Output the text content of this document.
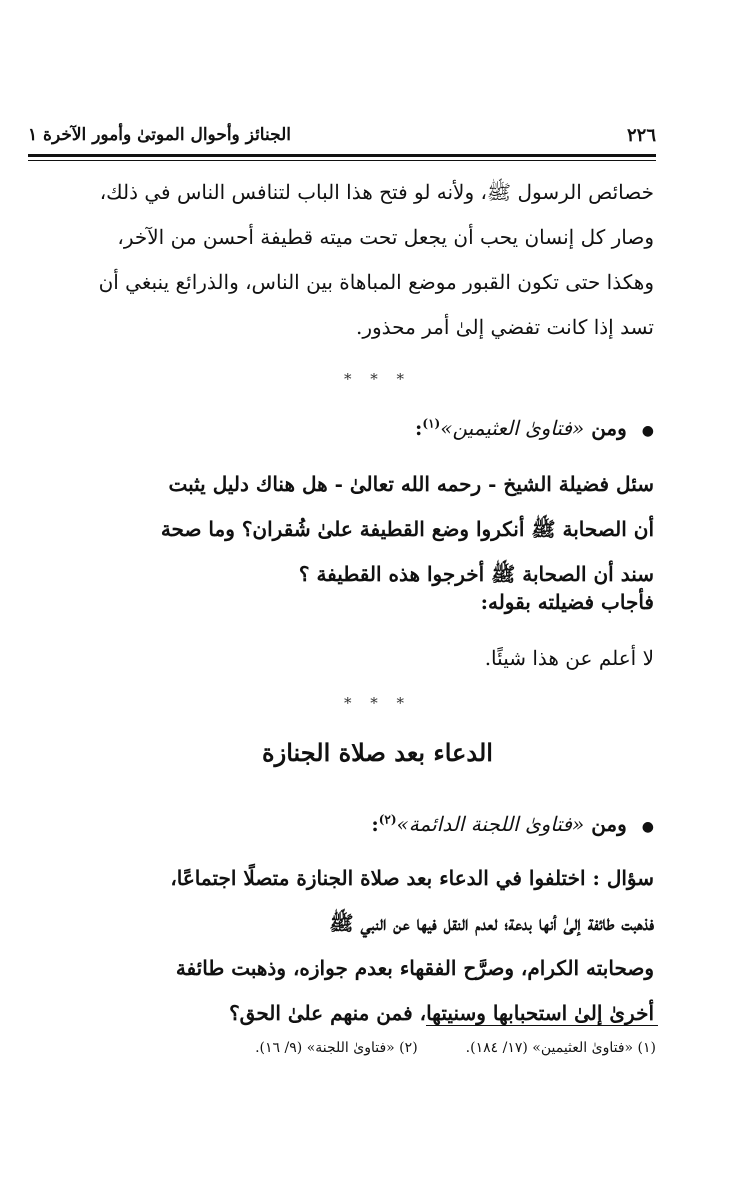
الجنائز وأحوال الموتىٰ وأمور الآخرة ١	٢٢٦
خصائص الرسول ﷺ، ولأنه لو فتح هذا الباب لتنافس الناس في ذلك،
وصار كل إنسان يحب أن يجعل تحت ميته قطيفة أحسن من الآخر،
وهكذا حتى تكون القبور موضع المباهاة بين الناس، والذرائع ينبغي أن
تسد إذا كانت تفضي إلىٰ أمر محذور.
* * *
● ومن «فتاوىٰ العثيمين»$^{(١)}$:
سئل فضيلة الشيخ - رحمه الله تعالىٰ - هل هناك دليل يثبت
أن الصحابة ﷺ أنكروا وضع القطيفة علىٰ شُقران؟ وما صحة
سند أن الصحابة ﷺ أخرجوا هذه القطيفة ؟
فأجاب فضيلته بقوله:
لا أعلم عن هذا شيئًا.
* * *
الدعاء بعد صلاة الجنازة
● ومن «فتاوىٰ اللجنة الدائمة»$^{(٢)}$:
سؤال : اختلفوا في الدعاء بعد صلاة الجنازة متصلًا اجتماعًا،
فذهبت طائفة إلىٰ أنها بدعة؛ لعدم النقل فيها عن النبي ﷺ
وصحابته الكرام، وصرَّح الفقهاء بعدم جوازه، وذهبت طائفة
أخرىٰ إلىٰ استحبابها وسنيتها، فمن منهم علىٰ الحق؟
(١) «فتاوىٰ العثيمين» (١٧/ ١٨٤).
(٢) «فتاوىٰ اللجنة» (٩/ ١٦).
